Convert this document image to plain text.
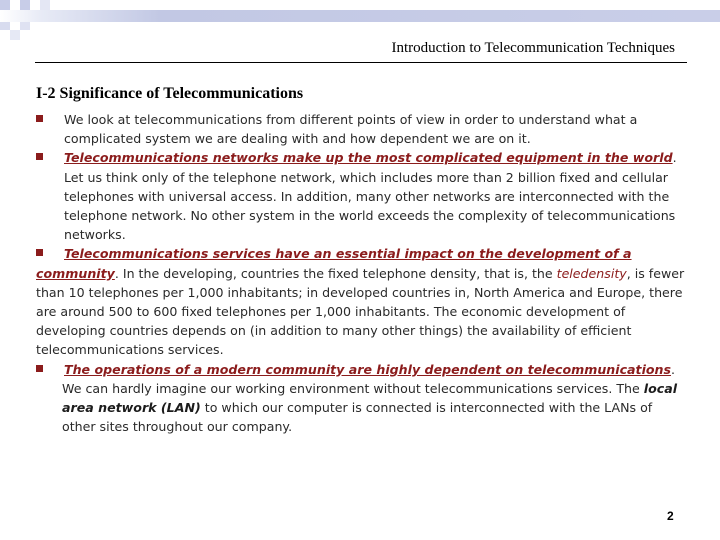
Introduction to Telecommunication Techniques
I-2 Significance of Telecommunications
We look at telecommunications from different points of view in order to understand what a complicated system we are dealing with and how dependent we are on it.
Telecommunications networks make up the most complicated equipment in the world. Let us think only of the telephone network, which includes more than 2 billion fixed and cellular telephones with universal access. In addition, many other networks are interconnected with the telephone network. No other system in the world exceeds the complexity of telecommunications networks.
Telecommunications services have an essential impact on the development of a
community. In the developing, countries the fixed telephone density, that is, the teledensity, is fewer than 10 telephones per 1,000 inhabitants; in developed countries in, North America and Europe, there are around 500 to 600 fixed telephones per 1,000 inhabitants. The economic development of developing countries depends on (in addition to many other things) the availability of efficient telecommunications services.
The operations of a modern community are highly dependent on telecommunications.
We can hardly imagine our working environment without telecommunications services. The local area network (LAN) to which our computer is connected is interconnected with the LANs of other sites throughout our company.
2
